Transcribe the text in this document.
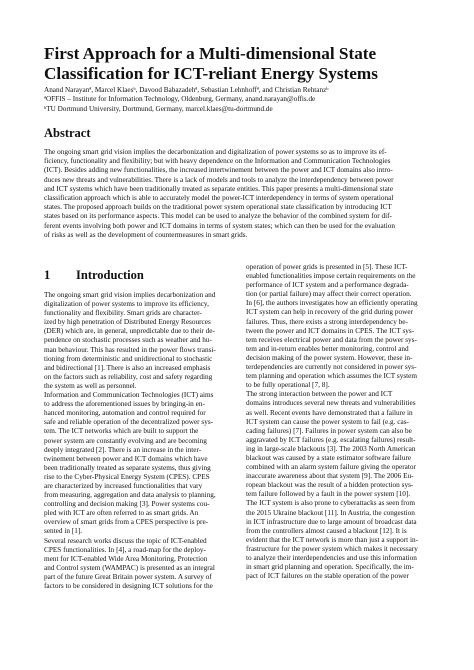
First Approach for a Multi-dimensional State Classification for ICT-reliant Energy Systems
Anand Narayanª, Marcel Klaesᵇ, Davood Babazadehª, Sebastian Lehnhoffª, and Christian Rehtanzᵇ
ªOFFIS – Institute for Information Technology, Oldenburg, Germany, anand.narayan@offis.de
ᵇTU Dortmund University, Dortmund, Germany, marcel.klaes@tu-dortmund.de
Abstract
The ongoing smart grid vision implies the decarbonization and digitalization of power systems so as to improve its ef-
ficiency, functionality and flexibility; but with heavy dependence on the Information and Communication Technologies
(ICT). Besides adding new functionalities, the increased intertwinement between the power and ICT domains also intro-
duces new threats and vulnerabilities. There is a lack of models and tools to analyze the interdependency between power
and ICT systems which have been traditionally treated as separate entities. This paper presents a multi-dimensional state
classification approach which is able to accurately model the power-ICT interdependency in terms of system operational
states. The proposed approach builds on the traditional power system operational state classification by introducing ICT
states based on its performance aspects. This model can be used to analyze the behavior of the combined system for dif-
ferent events involving both power and ICT domains in terms of system states; which can then be used for the evaluation
of risks as well as the development of countermeasures in smart grids.
1 Introduction
The ongoing smart grid vision implies decarbonization and
digitalization of power systems to improve its efficiency,
functionality and flexibility. Smart grids are character-
ized by high penetration of Distributed Energy Resources
(DER) which are, in general, unpredictable due to their de-
pendence on stochastic processes such as weather and hu-
man behaviour. This has resulted in the power flows transi-
tioning from deterministic and unidirectional to stochastic
and bidirectional [1]. There is also an increased emphasis
on the factors such as reliability, cost and safety regarding
the system as well as personnel.
Information and Communication Technologies (ICT) aims
to address the aforementioned issues by bringing-in en-
hanced monitoring, automation and control required for
safe and reliable operation of the decentralized power sys-
tem. The ICT networks which are built to support the
power system are constantly evolving and are becoming
deeply integrated [2]. There is an increase in the inter-
twinement between power and ICT domains which have
been traditionally treated as separate systems, thus giving
rise to the Cyber-Physical Energy System (CPES). CPES
are characterized by increased functionalities that vary
from measuring, aggregation and data analysis to planning,
controlling and decision making [3]. Power systems cou-
pled with ICT are often referred to as smart grids. An
overview of smart grids from a CPES perspective is pre-
sented in [1].
Several research works discuss the topic of ICT-enabled
CPES functionalities. In [4], a road-map for the deploy-
ment for ICT-enabled Wide Area Monitoring, Protection
and Control system (WAMPAC) is presented as an integral
part of the future Great Britain power system. A survey of
factors to be considered in designing ICT solutions for the
operation of power grids is presented in [5]. These ICT-
enabled functionalities impose certain requirements on the
performance of ICT system and a performance degrada-
tion (or partial failure) may affect their correct operation.
In [6], the authors investigates how an efficiently operating
ICT system can help in recovery of the grid during power
failures. Thus, there exists a strong interdependency be-
tween the power and ICT domains in CPES. The ICT sys-
tem receives electrical power and data from the power sys-
tem and in-return enables better monitoring, control and
decision making of the power system. However, these in-
terdependencies are currently not considered in power sys-
tem planning and operation which assumes the ICT system
to be fully operational [7, 8].
The strong interaction between the power and ICT
domains introduces several new threats and vulnerabilities
as well. Recent events have demonstrated that a failure in
ICT system can cause the power system to fail (e.g. cas-
cading failures) [7]. Failures in power system can also be
aggravated by ICT failures (e.g. escalating failures) result-
ing in large-scale blackouts [3]. The 2003 North American
blackout was caused by a state estimator software failure
combined with an alarm system failure giving the operator
inaccurate awareness about that system [9]. The 2006 Eu-
ropean blackout was the result of a hidden protection sys-
tem failure followed by a fault in the power system [10].
The ICT system is also prone to cyberattacks as seen from
the 2015 Ukraine blackout [11]. In Austria, the congestion
in ICT infrastructure due to large amount of broadcast data
from the controllers almost caused a blackout [12]. It is
evident that the ICT network is more than just a support in-
frastructure for the power system which makes it necessary
to analyze their interdependencies and use this information
in smart grid planning and operation. Specifically, the im-
pact of ICT failures on the stable operation of the power
